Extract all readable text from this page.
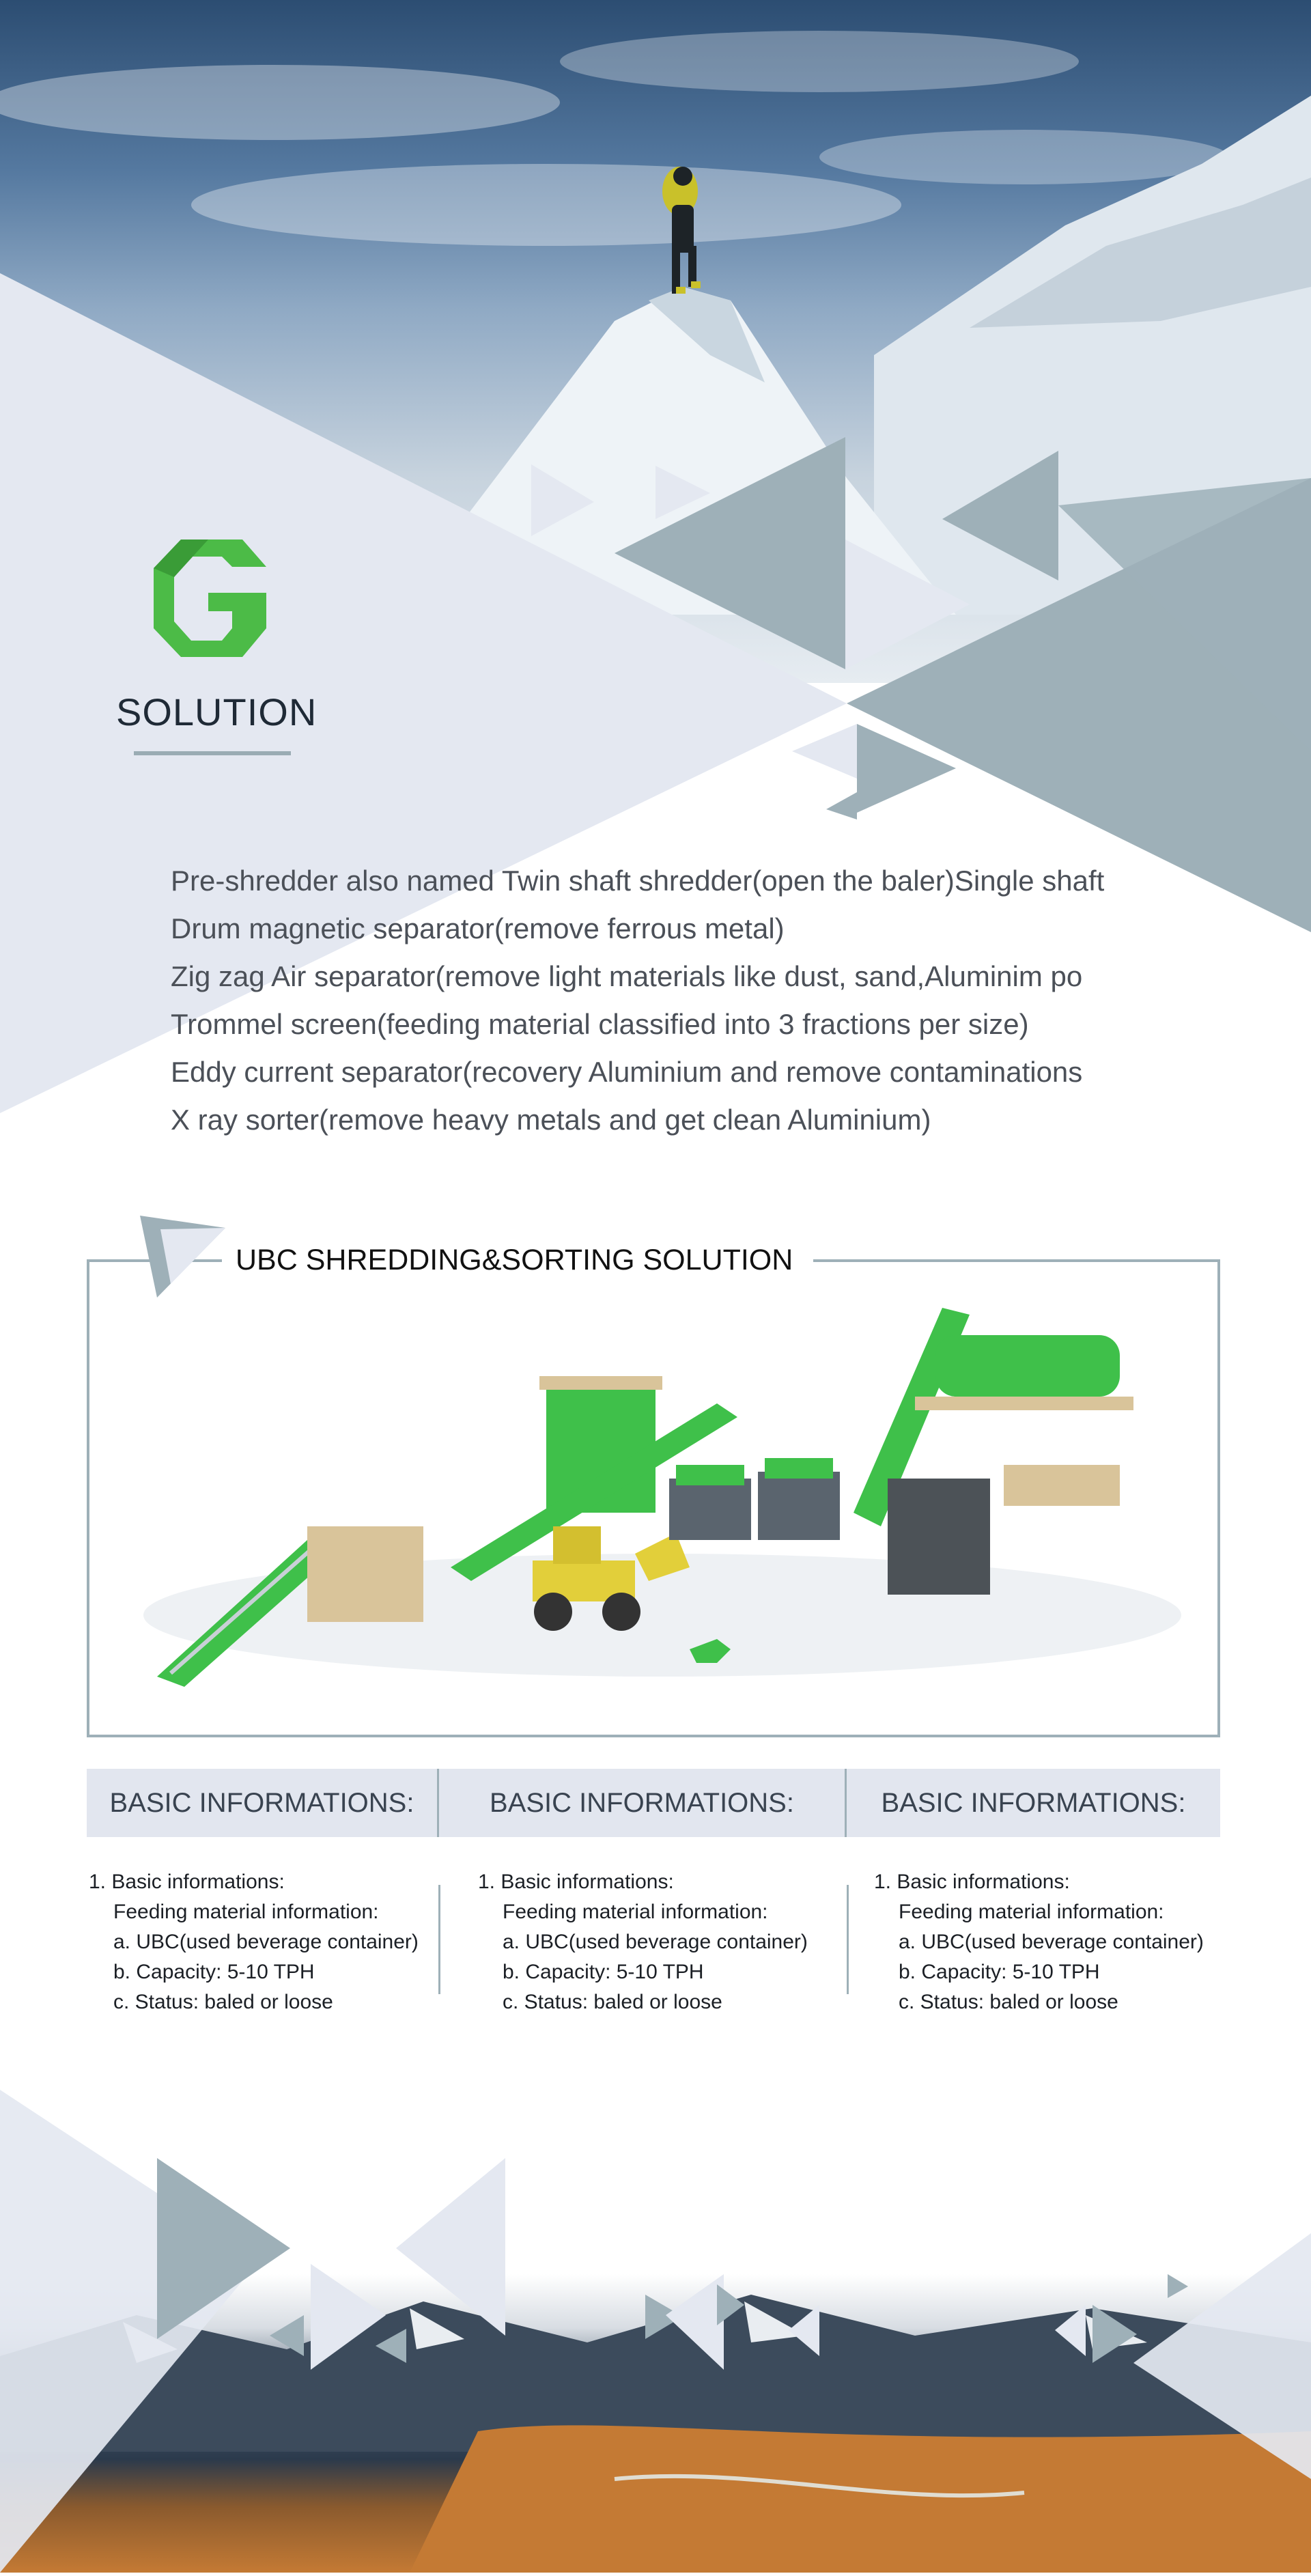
SOLUTION
Pre-shredder also named Twin shaft shredder(open the baler)Single shaft
Drum magnetic separator(remove ferrous metal)
Zig zag Air separator(remove light materials like dust, sand,Aluminim po
Trommel screen(feeding material classified into 3 fractions per size)
Eddy current separator(recovery Aluminium and remove contaminations
X ray sorter(remove heavy metals and get clean Aluminium)
UBC SHREDDING&SORTING SOLUTION
BASIC INFORMATIONS:	BASIC INFORMATIONS:	BASIC INFORMATIONS:
1. Basic informations:
Feeding material information:
a. UBC(used beverage container)
b. Capacity: 5-10 TPH
c. Status: baled or loose
1. Basic informations:
Feeding material information:
a. UBC(used beverage container)
b. Capacity: 5-10 TPH
c. Status: baled or loose
1. Basic informations:
Feeding material information:
a. UBC(used beverage container)
b. Capacity: 5-10 TPH
c. Status: baled or loose
